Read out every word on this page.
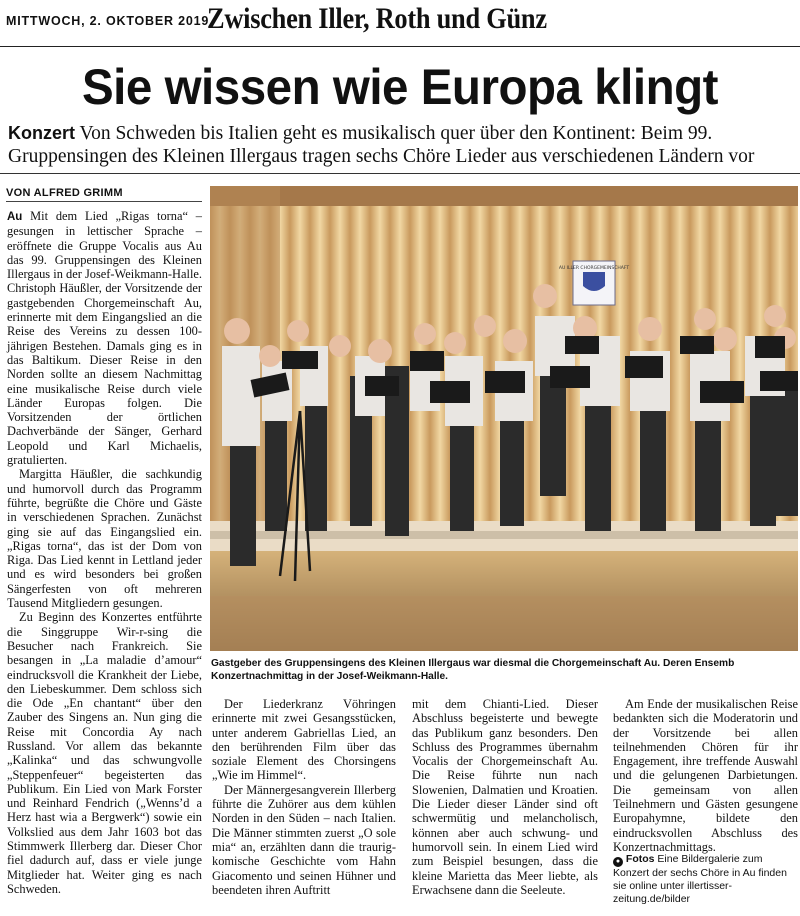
MITTWOCH, 2. OKTOBER 2019
Zwischen Iller, Roth und Günz
Sie wissen wie Europa klingt
Konzert Von Schweden bis Italien geht es musikalisch quer über den Kontinent: Beim 99. Gruppensingen des Kleinen Illergaus tragen sechs Chöre Lieder aus verschiedenen Ländern vor
VON ALFRED GRIMM

Au Mit dem Lied „Rigas torna“ – gesungen in lettischer Sprache – eröffnete die Gruppe Vocalis aus Au das 99. Gruppensingen des Kleinen Illergaus in der Josef-Weikmann-Halle. Christoph Häußler, der Vorsitzende der gastgebenden Chorgemeinschaft Au, erinnerte mit dem Eingangslied an die Reise des Vereins zu dessen 100-jährigen Bestehen. Damals ging es in das Baltikum. Dieser Reise in den Norden sollte an diesem Nachmittag eine musikalische Reise durch viele Länder Europas folgen. Die Vorsitzenden der örtlichen Dachverbände der Sänger, Gerhard Leopold und Karl Michaelis, gratulierten.

Margitta Häußler, die sachkundig und humorvoll durch das Programm führte, begrüßte die Chöre und Gäste in verschiedenen Sprachen. Zunächst ging sie auf das Eingangslied ein. „Rigas torna“, das ist der Dom von Riga. Das Lied kennt in Lettland jeder und es wird besonders bei großen Sängerfesten von oft mehreren Tausend Mitgliedern gesungen.

Zu Beginn des Konzertes entführte die Singgruppe Wir-r-sing die Besucher nach Frankreich. Sie besangen in „La maladie d’amour“ eindrucksvoll die Krankheit der Liebe, den Liebeskummer. Dem schloss sich die Ode „En chantant“ über den Zauber des Singens an. Nun ging die Reise mit Concordia Ay nach Russland. Vor allem das bekannte „Kalinka“ und das schwungvolle „Steppenfeuer“ begeisterten das Publikum. Ein Lied von Mark Forster und Reinhard Fendrich („Wenns’d a Herz hast wia a Bergwerk“) sowie ein Volkslied aus dem Jahr 1603 bot das Stimmwerk Illerberg dar. Dieser Chor fiel dadurch auf, dass er viele junge Mitglieder hat. Weiter ging es nach Schweden.

AU ILLER CHORGEMEINSCHAFT
Gastgeber des Gruppensingens des Kleinen Illergaus war diesmal die Chorgemeinschaft Au. Deren Ensemb Konzertnachmittag in der Josef-Weikmann-Halle.

Der Liederkranz Vöhringen erinnerte mit zwei Gesangsstücken, unter anderem Gabriellas Lied, an den berührenden Film über das soziale Element des Chorsingens „Wie im Himmel“.

Der Männergesangverein Illerberg führte die Zuhörer aus dem kühlen Norden in den Süden – nach Italien. Die Männer stimmten zuerst „O sole mia“ an, erzählten dann die traurig-komische Geschichte vom Hahn Giacomento und seinen Hühner und beendeten ihren Auftritt

mit dem Chianti-Lied. Dieser Abschluss begeisterte und bewegte das Publikum ganz besonders. Den Schluss des Programmes übernahm Vocalis der Chorgemeinschaft Au. Die Reise führte nun nach Slowenien, Dalmatien und Kroatien. Die Lieder dieser Länder sind oft schwermütig und melancholisch, können aber auch schwung- und humorvoll sein. In einem Lied wird zum Beispiel besungen, dass die kleine Marietta das Meer liebte, als Erwachsene dann die Seeleute.

Am Ende der musikalischen Reise bedankten sich die Moderatorin und der Vorsitzende bei allen teilnehmenden Chören für ihr Engagement, ihre treffende Auswahl und die gelungenen Darbietungen. Die gemeinsam von allen Teilnehmern und Gästen gesungene Europahymne, bildete den eindrucksvollen Abschluss des Konzertnachmittags.

● Fotos Eine Bildergalerie zum Konzert der sechs Chöre in Au finden sie online unter illertisser-zeitung.de/bilder
